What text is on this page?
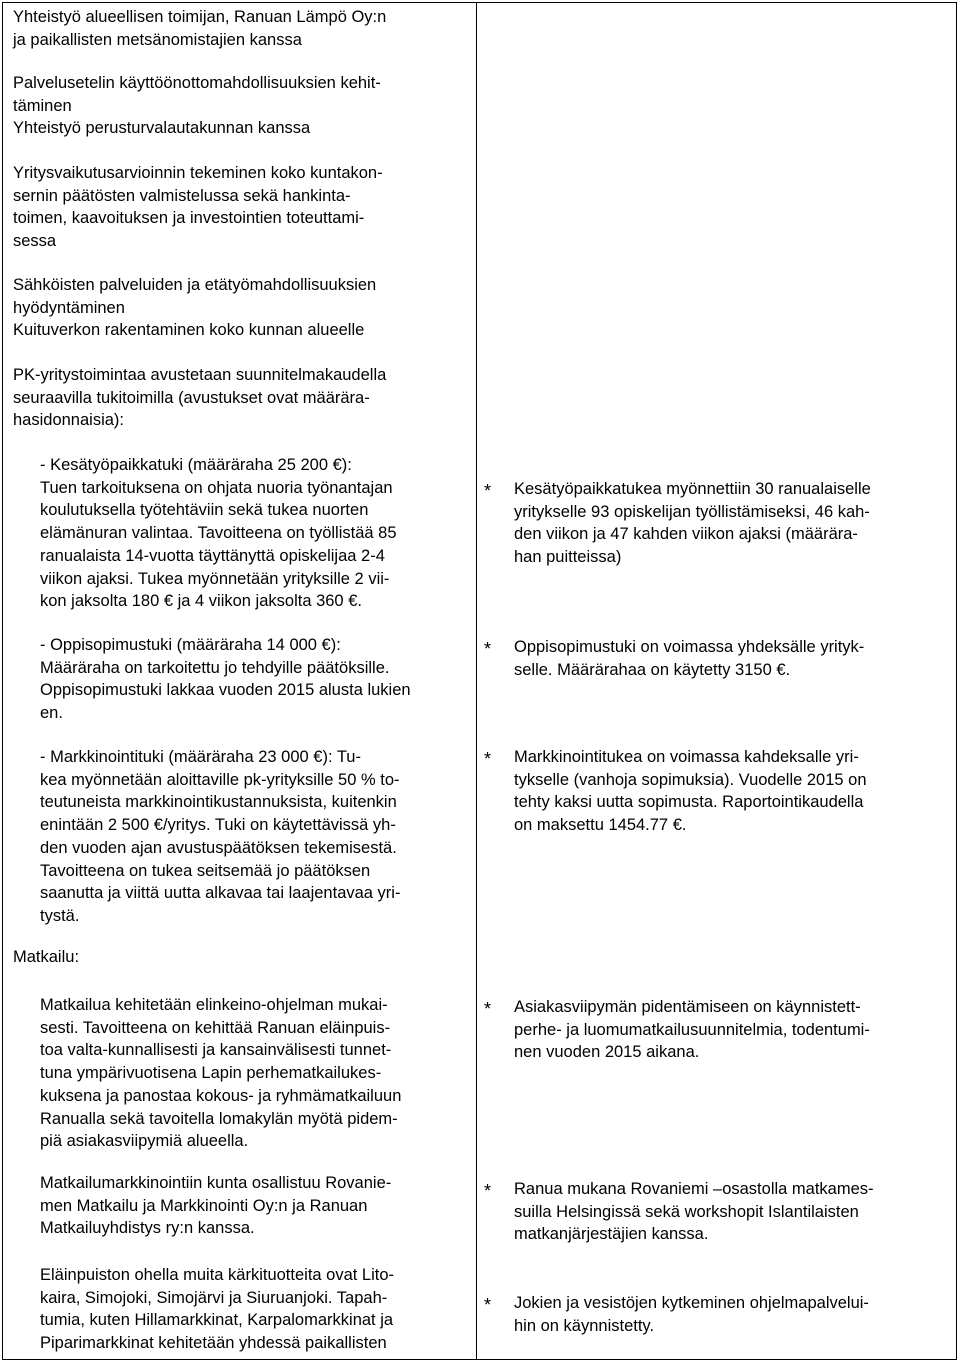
Yhteistyö alueellisen toimijan, Ranuan Lämpö Oy:n
ja paikallisten metsänomistajien kanssa
Palvelusetelin käyttöönottomahdollisuuksien kehit-
täminen
Yhteistyö perusturvalautakunnan kanssa
Yritysvaikutusarvioinnin tekeminen koko kuntakon-
sernin päätösten valmistelussa sekä hankinta-
toimen, kaavoituksen ja investointien toteuttami-
sessa
Sähköisten palveluiden ja etätyömahdollisuuksien
hyödyntäminen
Kuituverkon rakentaminen koko kunnan alueelle
PK-yritystoimintaa avustetaan suunnitelmakaudella
seuraavilla tukitoimilla (avustukset ovat määrära-
hasidonnaisia):
- Kesätyöpaikkatuki (määräraha 25 200 €):
Tuen tarkoituksena on ohjata nuoria työnantajan
koulutuksella työtehtäviin sekä tukea nuorten
elämänuran valintaa. Tavoitteena on työllistää 85
ranualaista 14-vuotta täyttänyttä opiskelijaa 2-4
viikon ajaksi. Tukea myönnetään yrityksille 2 vii-
kon jaksolta 180 € ja 4 viikon jaksolta 360 €.
- Oppisopimustuki (määräraha 14 000 €):
Määräraha on tarkoitettu jo tehdyille päätöksille.
Oppisopimustuki lakkaa vuoden 2015 alusta lukien
en.
- Markkinointituki (määräraha 23 000 €): Tu-
kea myönnetään aloittaville pk-yrityksille 50 % to-
teutuneista markkinointikustannuksista, kuitenkin
enintään 2 500 €/yritys. Tuki on käytettävissä yh-
den vuoden ajan avustuspäätöksen tekemisestä.
Tavoitteena on tukea seitsemää jo päätöksen
saanutta ja viittä uutta alkavaa tai laajentavaa yri-
tystä.
Matkailu:
Matkailua kehitetään elinkeino-ohjelman mukai-
sesti. Tavoitteena on kehittää Ranuan eläinpuis-
toa valta-kunnallisesti ja kansainvälisesti tunnet-
tuna ympärivuotisena Lapin perhematkailukes-
kuksena ja panostaa kokous- ja ryhmämatkailuun
Ranualla sekä tavoitella lomakylän myötä pidem-
piä asiakasviipymiä alueella.
Matkailumarkkinointiin kunta osallistuu Rovanie-
men Matkailu ja Markkinointi Oy:n ja Ranuan
Matkailuyhdistys ry:n kanssa.
Eläinpuiston ohella muita kärkituotteita ovat Lito-
kaira, Simojoki, Simojärvi ja Siuruanjoki. Tapah-
tumia, kuten Hillamarkkinat, Karpalomarkkinat ja
Piparimarkkinat kehitetään yhdessä paikallisten
* Kesätyöpaikkatukea myönnettiin 30 ranualaiselle
yritykselle 93 opiskelijan työllistämiseksi, 46 kah-
den viikon ja 47 kahden viikon ajaksi (määrära-
han puitteissa)
* Oppisopimustuki on voimassa yhdeksälle yrityk-
selle. Määrärahaa on käytetty 3150 €.
* Markkinointitukea on voimassa kahdeksalle yri-
tykselle (vanhoja sopimuksia). Vuodelle 2015 on
tehty kaksi uutta sopimusta. Raportointikaudella
on maksettu 1454.77 €.
* Asiakasviipymän pidentämiseen on käynnistett-
perhe- ja luomumatkailusuunnitelmia, todentumi-
nen vuoden 2015 aikana.
* Ranua mukana Rovaniemi –osastolla matkames-
suilla Helsingissä sekä workshopit Islantilaisten
matkanjärjestäjien kanssa.
* Jokien ja vesistöjen kytkeminen ohjelmapalvelui-
hin on käynnistetty.
